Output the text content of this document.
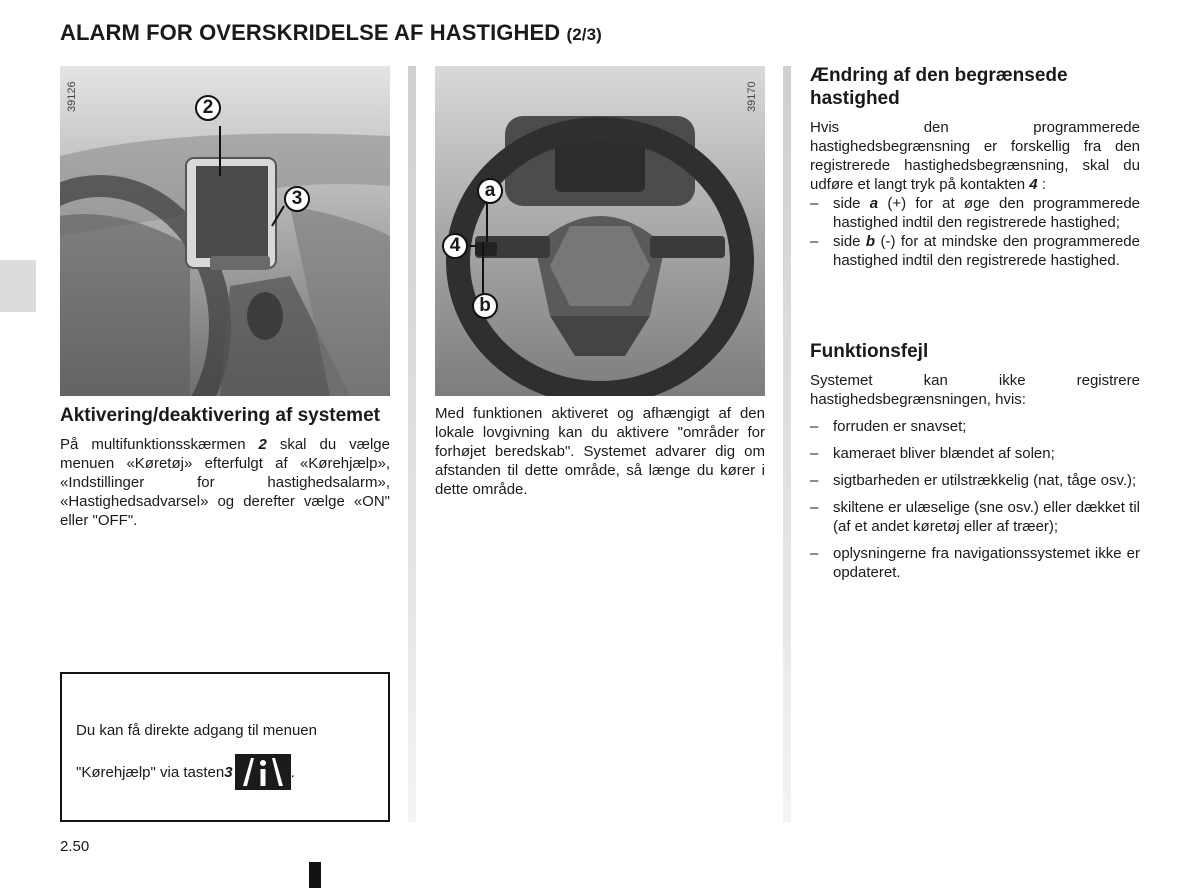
ALARM FOR OVERSKRIDELSE AF HASTIGHED (2/3)
2
3
39126
a
4
b
39170
Aktivering/deaktivering af systemet
På multifunktionsskærmen 2 skal du vælge menuen «Køretøj» efterfulgt af «Kørehjælp», «Indstillinger for hastighedsalarm», «Hastighedsadvarsel» og derefter vælge «ON" eller "OFF".
Med funktionen aktiveret og afhængigt af den lokale lovgivning kan du aktivere "områder for forhøjet beredskab". Systemet advarer dig om afstanden til dette område, så længe du kører i dette område.
Ændring af den begrænsede hastighed
Hvis den programmerede hastighedsbegrænsning er forskellig fra den registrerede hastighedsbegrænsning, skal du udføre et langt tryk på kontakten 4 :
– side a (+) for at øge den programmerede hastighed indtil den registrerede hastighed;
– side b (-) for at mindske den programmerede hastighed indtil den registrerede hastighed.
Funktionsfejl
Systemet kan ikke registrere hastighedsbegrænsningen, hvis:
– forruden er snavset;
– kameraet bliver blændet af solen;
– sigtbarheden er utilstrækkelig (nat, tåge osv.);
– skiltene er ulæselige (sne osv.) eller dækket til (af et andet køretøj eller af træer);
– oplysningerne fra navigationssystemet ikke er opdateret.
Du kan få direkte adgang til menuen
"Kørehjælp" via tasten 3	.
2.50
